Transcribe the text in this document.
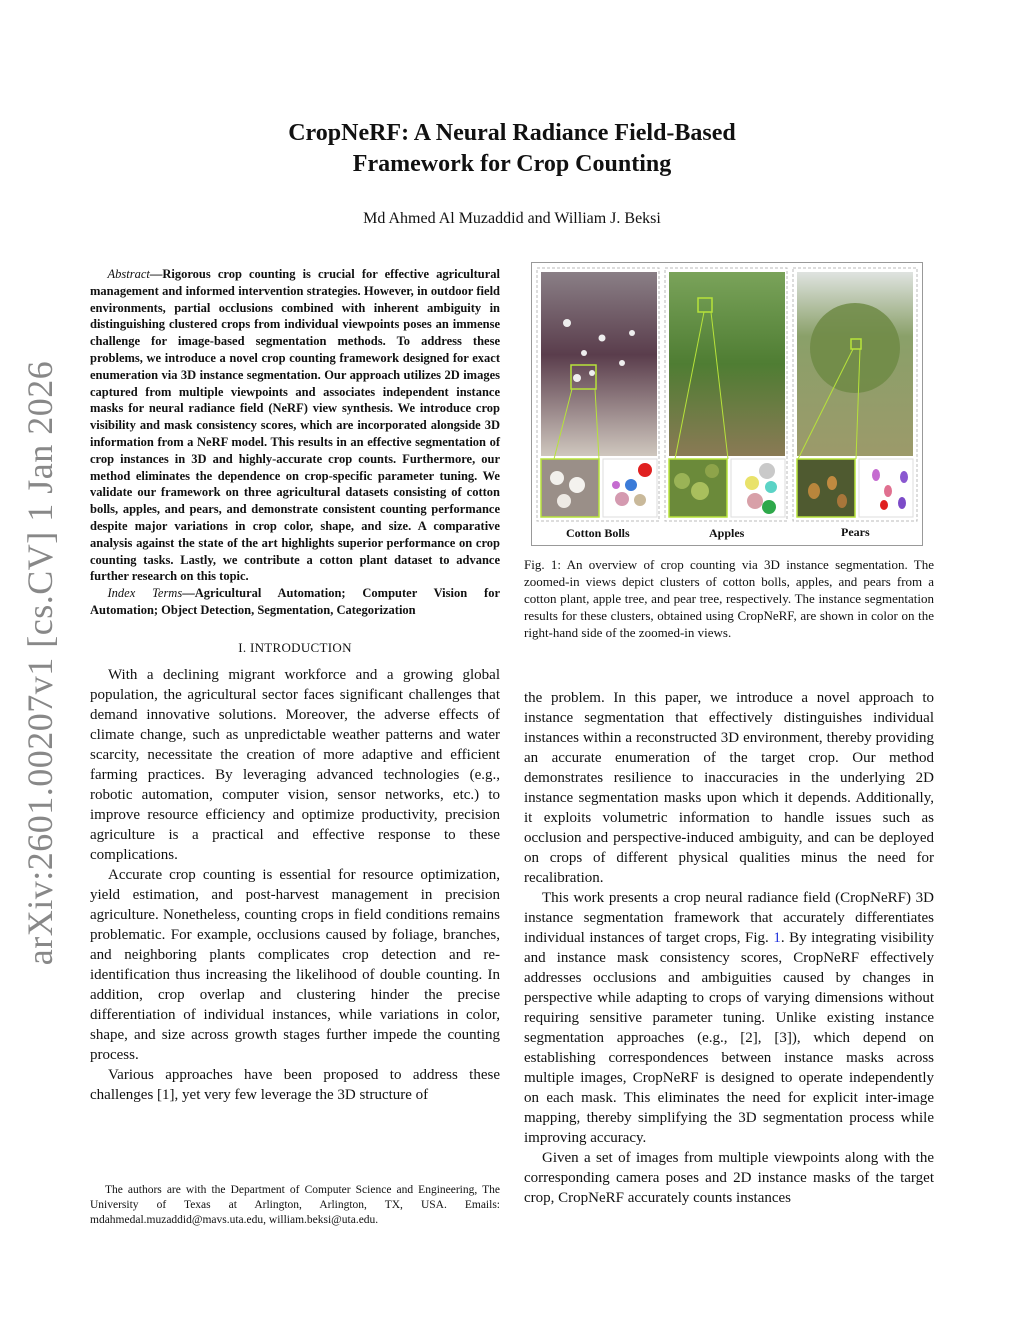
arXiv:2601.00207v1 [cs.CV] 1 Jan 2026
CropNeRF: A Neural Radiance Field-Based
Framework for Crop Counting
Md Ahmed Al Muzaddid and William J. Beksi

Abstract—Rigorous crop counting is crucial for effective agricultural management and informed intervention strategies. However, in outdoor field environments, partial occlusions combined with inherent ambiguity in distinguishing clustered crops from individual viewpoints poses an immense challenge for image-based segmentation methods. To address these problems, we introduce a novel crop counting framework designed for exact enumeration via 3D instance segmentation. Our approach utilizes 2D images captured from multiple viewpoints and associates independent instance masks for neural radiance field (NeRF) view synthesis. We introduce crop visibility and mask consistency scores, which are incorporated alongside 3D information from a NeRF model. This results in an effective segmentation of crop instances in 3D and highly-accurate crop counts. Furthermore, our method eliminates the dependence on crop-specific parameter tuning. We validate our framework on three agricultural datasets consisting of cotton bolls, apples, and pears, and demonstrate consistent counting performance despite major variations in crop color, shape, and size. A comparative analysis against the state of the art highlights superior performance on crop counting tasks. Lastly, we contribute a cotton plant dataset to advance further research on this topic.

Index Terms—Agricultural Automation; Computer Vision for Automation; Object Detection, Segmentation, Categorization

I. INTRODUCTION

With a declining migrant workforce and a growing global population, the agricultural sector faces significant challenges that demand innovative solutions. Moreover, the adverse effects of climate change, such as unpredictable weather patterns and water scarcity, necessitate the creation of more adaptive and efficient farming practices. By leveraging advanced technologies (e.g., robotic automation, computer vision, sensor networks, etc.) to improve resource efficiency and optimize productivity, precision agriculture is a practical and effective response to these complications.

Accurate crop counting is essential for resource optimization, yield estimation, and post-harvest management in precision agriculture. Nonetheless, counting crops in field conditions remains problematic. For example, occlusions caused by foliage, branches, and neighboring plants complicates crop detection and re-identification thus increasing the likelihood of double counting. In addition, crop overlap and clustering hinder the precise differentiation of individual instances, while variations in color, shape, and size across growth stages further impede the counting process.

Various approaches have been proposed to address these challenges [1], yet very few leverage the 3D structure of

The authors are with the Department of Computer Science and Engineering, The University of Texas at Arlington, Arlington, TX, USA. Emails: mdahmedal.muzaddid@mavs.uta.edu, william.beksi@uta.edu.
Cotton Bolls	Apples	Pears
Fig. 1: An overview of crop counting via 3D instance segmentation. The zoomed-in views depict clusters of cotton bolls, apples, and pears from a cotton plant, apple tree, and pear tree, respectively. The instance segmentation results for these clusters, obtained using CropNeRF, are shown in color on the right-hand side of the zoomed-in views.

the problem. In this paper, we introduce a novel approach to instance segmentation that effectively distinguishes individual instances within a reconstructed 3D environment, thereby providing an accurate enumeration of the target crop. Our method demonstrates resilience to inaccuracies in the underlying 2D instance segmentation masks upon which it depends. Additionally, it exploits volumetric information to handle issues such as occlusion and perspective-induced ambiguity, and can be deployed on crops of different physical qualities minus the need for recalibration.

This work presents a crop neural radiance field (CropNeRF) 3D instance segmentation framework that accurately differentiates individual instances of target crops, Fig. 1. By integrating visibility and instance mask consistency scores, CropNeRF effectively addresses occlusions and ambiguities caused by changes in perspective while adapting to crops of varying dimensions without requiring sensitive parameter tuning. Unlike existing instance segmentation approaches (e.g., [2], [3]), which depend on establishing correspondences between instance masks across multiple images, CropNeRF is designed to operate independently on each mask. This eliminates the need for explicit inter-image mapping, thereby simplifying the 3D segmentation process while improving accuracy.

Given a set of images from multiple viewpoints along with the corresponding camera poses and 2D instance masks of the target crop, CropNeRF accurately counts instances
